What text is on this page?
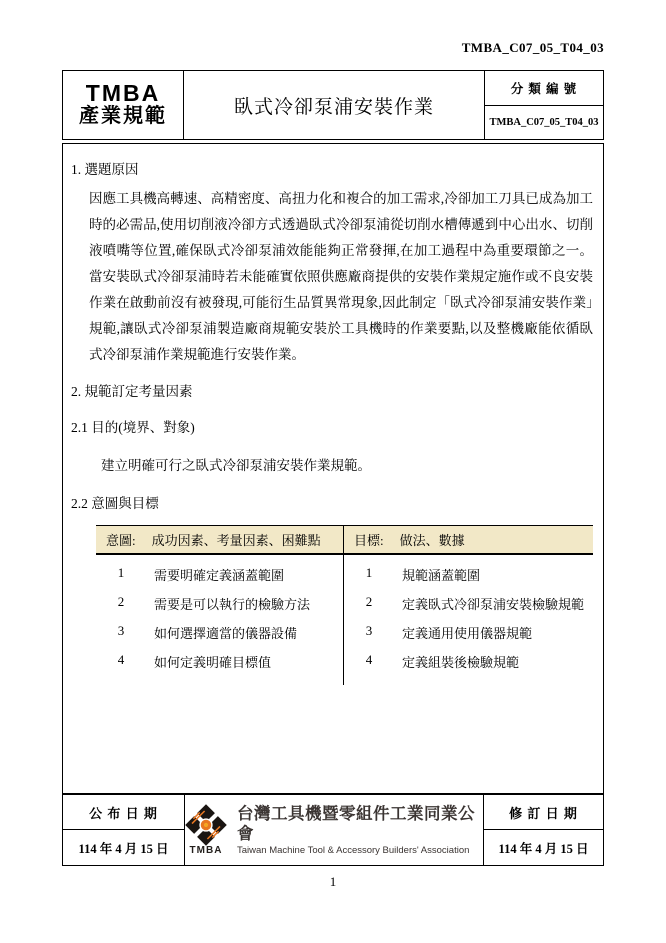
TMBA_C07_05_T04_03
TMBA
產業規範	臥式冷卻泵浦安裝作業
分 類 編 號
TMBA_C07_05_T04_03
1. 選題原因

因應工具機高轉速、高精密度、高扭力化和複合的加工需求,冷卻加工刀具已成為加工時的必需品,使用切削液冷卻方式透過臥式冷卻泵浦從切削水槽傳遞到中心出水、切削液噴嘴等位置,確保臥式冷卻泵浦效能能夠正常發揮,在加工過程中為重要環節之一。當安裝臥式冷卻泵浦時若未能確實依照供應廠商提供的安裝作業規定施作或不良安裝作業在啟動前沒有被發現,可能衍生品質異常現象,因此制定「臥式冷卻泵浦安裝作業」規範,讓臥式冷卻泵浦製造廠商規範安裝於工具機時的作業要點,以及整機廠能依循臥式冷卻泵浦作業規範進行安裝作業。

2. 規範訂定考量因素
2.1 目的(境界、對象)

建立明確可行之臥式冷卻泵浦安裝作業規範。

2.2 意圖與目標
意圖: 成功因素、考量因素、困難點	目標: 做法、數據
1	需要明確定義涵蓋範圍	1	規範涵蓋範圍
2	需要是可以執行的檢驗方法	2	定義臥式冷卻泵浦安裝檢驗規範
3	如何選擇適當的儀器設備	3	定義通用使用儀器規範
4	如何定義明確目標值	4	定義組裝後檢驗規範
公 布 日 期
114 年 4 月 15 日	TMBA
台灣工具機暨零組件工業同業公會
Taiwan Machine Tool & Accessory Builders' Association
修 訂 日 期
114 年 4 月 15 日
1
